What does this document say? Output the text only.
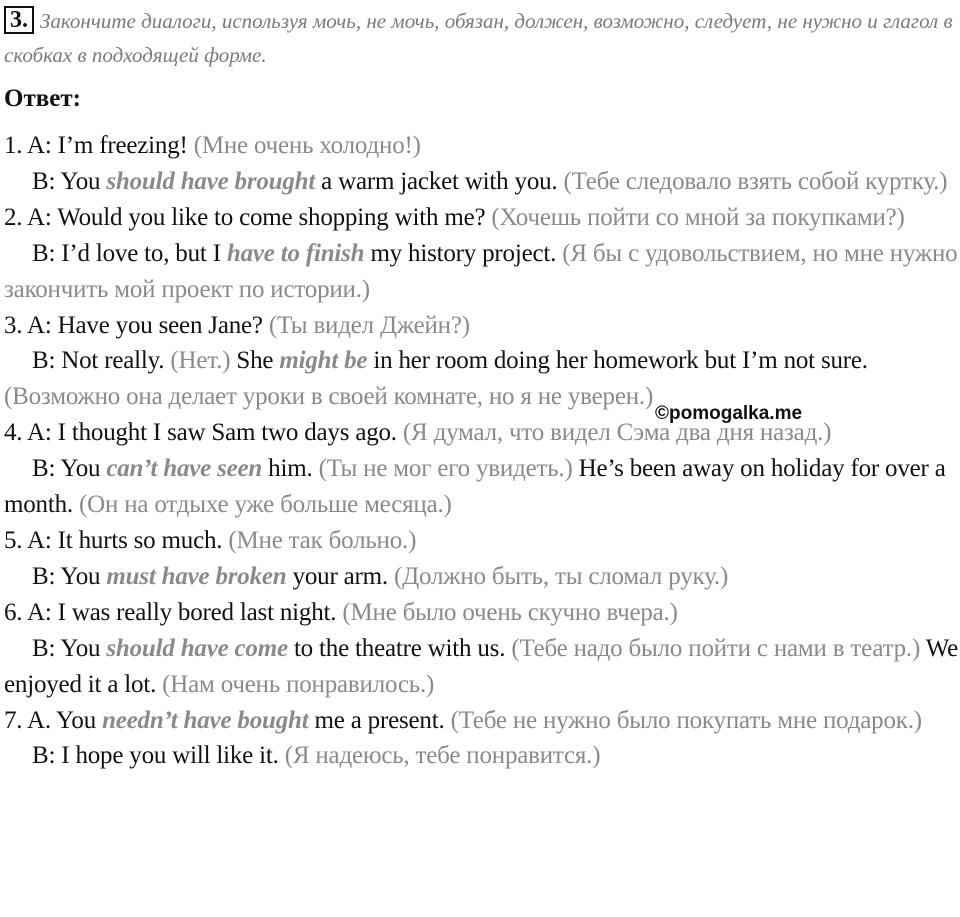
3. Закончите диалоги, используя мочь, не мочь, обязан, должен, возможно, следует, не нужно и глагол в скобках в подходящей форме.
Ответ:
©pomogalka.me

1. A: I’m freezing! (Мне очень холодно!)

B: You should have brought a warm jacket with you. (Тебе следовало взять собой куртку.)

2. A: Would you like to come shopping with me? (Хочешь пойти со мной за покупками?)

B: I’d love to, but I have to finish my history project. (Я бы с удовольствием, но мне нужно закончить мой проект по истории.)

3. A: Have you seen Jane? (Ты видел Джейн?)

B: Not really. (Нет.) She might be in her room doing her homework but I’m not sure. (Возможно она делает уроки в своей комнате, но я не уверен.)

4. A: I thought I saw Sam two days ago. (Я думал, что видел Сэма два дня назад.)

B: You can’t have seen him. (Ты не мог его увидеть.) He’s been away on holiday for over a month. (Он на отдыхе уже больше месяца.)

5. A: It hurts so much. (Мне так больно.)

B: You must have broken your arm. (Должно быть, ты сломал руку.)

6. A: I was really bored last night. (Мне было очень скучно вчера.)

B: You should have come to the theatre with us. (Тебе надо было пойти с нами в театр.) We enjoyed it a lot. (Нам очень понравилось.)

7. A. You needn’t have bought me a present. (Тебе не нужно было покупать мне подарок.)

B: I hope you will like it. (Я надеюсь, тебе понравится.)
